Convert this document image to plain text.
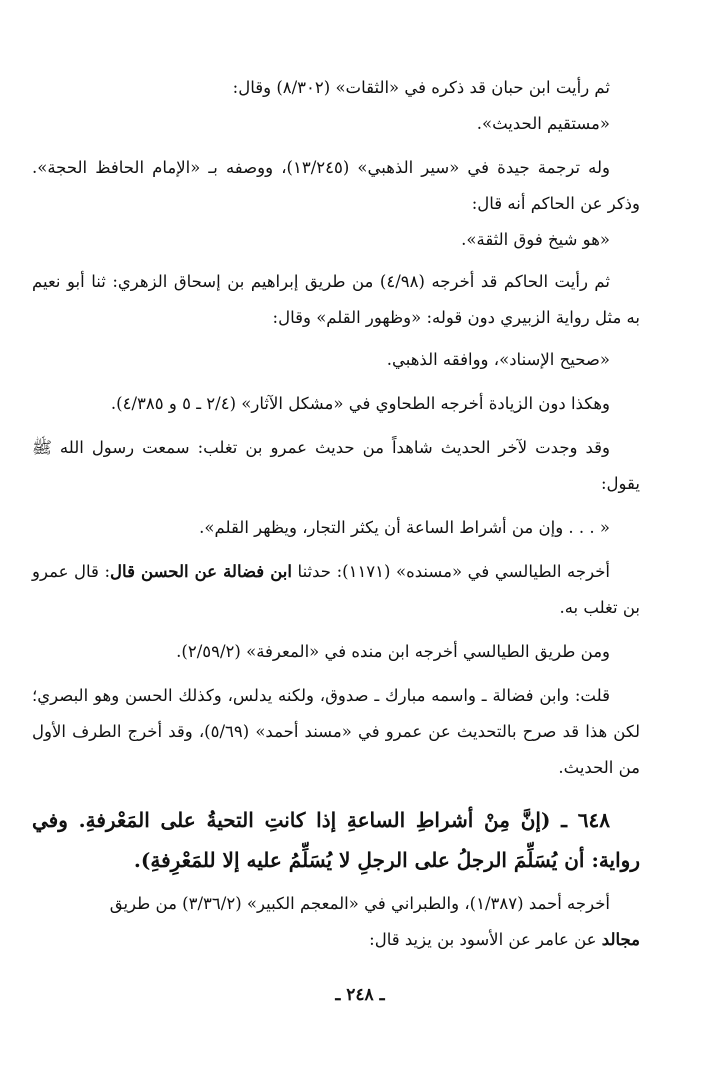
ثم رأيت ابن حبان قد ذكره في «الثقات» (٨/٣٠٢) وقال:

«مستقيم الحديث».

وله ترجمة جيدة في «سير الذهبي» (١٣/٢٤٥)، ووصفه بـ «الإمام الحافظ الحجة». وذكر عن الحاكم أنه قال:

«هو شيخ فوق الثقة».

ثم رأيت الحاكم قد أخرجه (٤/٩٨) من طريق إبراهيم بن إسحاق الزهري: ثنا أبو نعيم به مثل رواية الزبيري دون قوله: «وظهور القلم» وقال:

«صحيح الإسناد»، ووافقه الذهبي.

وهكذا دون الزيادة أخرجه الطحاوي في «مشكل الآثار» (٢/٤ ـ ٥ و ٤/٣٨٥).

وقد وجدت لآخر الحديث شاهداً من حديث عمرو بن تغلب: سمعت رسول الله ﷺ يقول:

« . . . وإن من أشراط الساعة أن يكثر التجار، ويظهر القلم».

أخرجه الطيالسي في «مسنده» (١١٧١): حدثنا ابن فضالة عن الحسن قال: قال عمرو بن تغلب به.

ومن طريق الطيالسي أخرجه ابن منده في «المعرفة» (٢/٥٩/٢).

قلت: وابن فضالة ـ واسمه مبارك ـ صدوق، ولكنه يدلس، وكذلك الحسن وهو البصري؛ لكن هذا قد صرح بالتحديث عن عمرو في «مسند أحمد» (٥/٦٩)، وقد أخرج الطرف الأول من الحديث.

٦٤٨ ـ (إنَّ مِنْ أشراطِ الساعةِ إذا كانتِ التحيةُ على المَعْرفةِ. وفي رواية: أن يُسَلِّمَ الرجلُ على الرجلِ لا يُسَلِّمُ عليه إلا للمَعْرِفةِ).

أخرجه أحمد (١/٣٨٧)، والطبراني في «المعجم الكبير» (٣/٣٦/٢) من طريق

مجالد عن عامر عن الأسود بن يزيد قال:

ـ ٢٤٨ ـ
